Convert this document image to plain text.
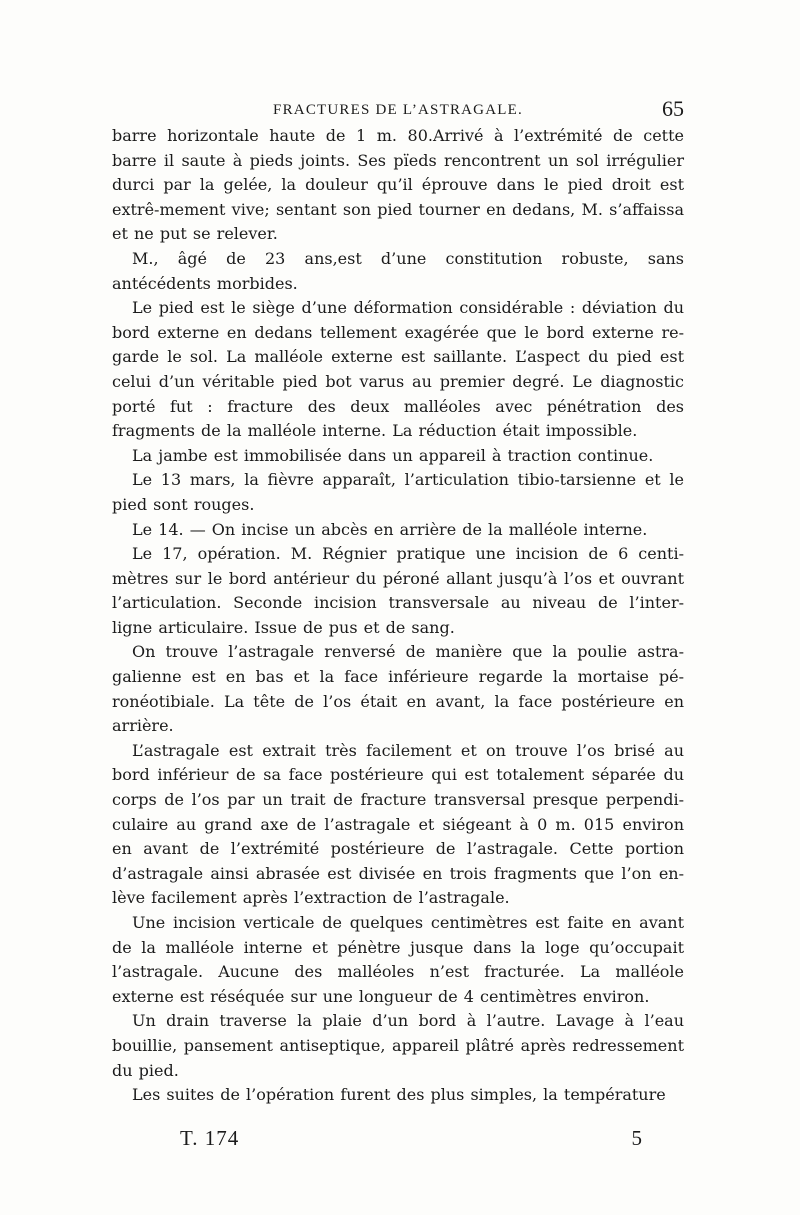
FRACTURES DE L’ASTRAGALE.	65

barre horizontale haute de 1 m. 80.Arrivé à l’extrémité de cette barre il saute à pieds joints. Ses pïeds rencontrent un sol irrégulier durci par la gelée, la douleur qu’il éprouve dans le pied droit est extrê-mement vive; sentant son pied tourner en dedans, M. s’affaissa et ne put se relever.

M., âgé de 23 ans,est d’une constitution robuste, sans antécédents morbides.

Le pied est le siège d’une déformation considérable : déviation du bord externe en dedans tellement exagérée que le bord externe re-garde le sol. La malléole externe est saillante. L’aspect du pied est celui d’un véritable pied bot varus au premier degré. Le diagnostic porté fut : fracture des deux malléoles avec pénétration des fragments de la malléole interne. La réduction était impossible.

La jambe est immobilisée dans un appareil à traction continue.

Le 13 mars, la fièvre apparaît, l’articulation tibio-tarsienne et le pied sont rouges.

Le 14. — On incise un abcès en arrière de la malléole interne.

Le 17, opération. M. Régnier pratique une incision de 6 centi-mètres sur le bord antérieur du péroné allant jusqu’à l’os et ouvrant l’articulation. Seconde incision transversale au niveau de l’inter-ligne articulaire. Issue de pus et de sang.

On trouve l’astragale renversé de manière que la poulie astra-galienne est en bas et la face inférieure regarde la mortaise pé-ronéotibiale. La tête de l’os était en avant, la face postérieure en arrière.

L’astragale est extrait très facilement et on trouve l’os brisé au bord inférieur de sa face postérieure qui est totalement séparée du corps de l’os par un trait de fracture transversal presque perpendi-culaire au grand axe de l’astragale et siégeant à 0 m. 015 environ en avant de l’extrémité postérieure de l’astragale. Cette portion d’astragale ainsi abrasée est divisée en trois fragments que l’on en-lève facilement après l’extraction de l’astragale.

Une incision verticale de quelques centimètres est faite en avant de la malléole interne et pénètre jusque dans la loge qu’occupait l’astragale. Aucune des malléoles n’est fracturée. La malléole externe est réséquée sur une longueur de 4 centimètres environ.

Un drain traverse la plaie d’un bord à l’autre. Lavage à l’eau bouillie, pansement antiseptique, appareil plâtré après redressement du pied.

Les suites de l’opération furent des plus simples, la température

T. 174	5
